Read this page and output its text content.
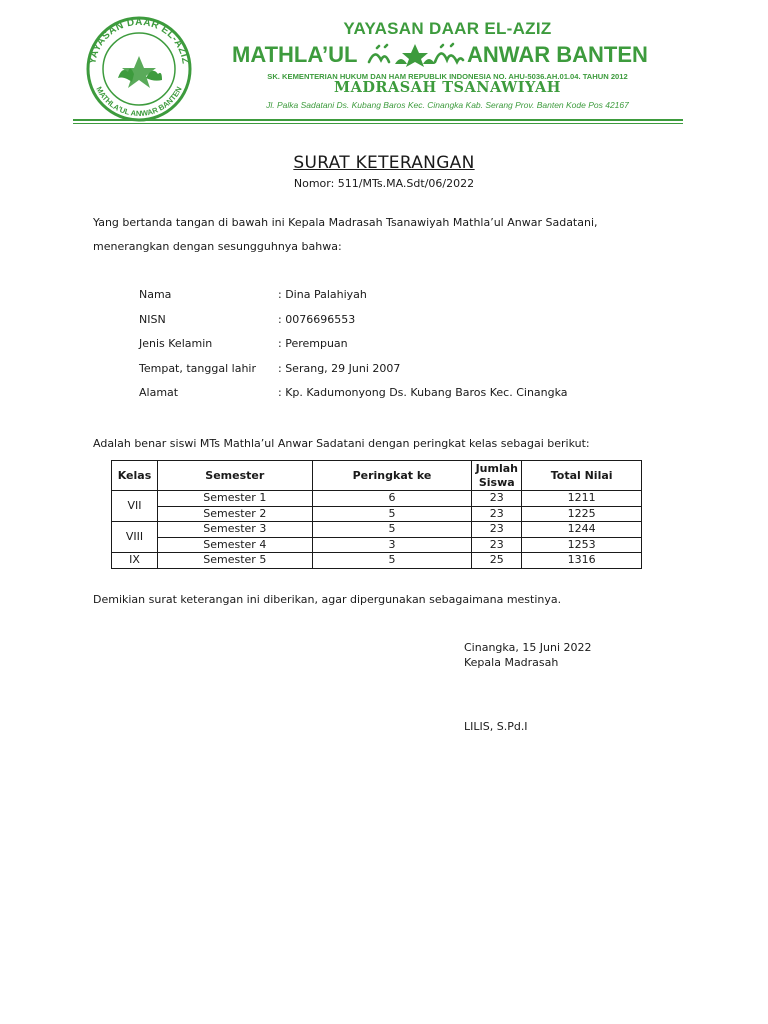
YAYASAN DAAR EL-AZIZ
MATHLA'UL ANWAR BANTEN
YAYASAN DAAR EL-AZIZ
MATHLA’UL	ANWAR BANTEN
SK. KEMENTERIAN HUKUM DAN HAM REPUBLIK INDONESIA NO. AHU-5036.AH.01.04. TAHUN 2012
MADRASAH TSANAWIYAH
Jl. Palka Sadatani Ds. Kubang Baros Kec. Cinangka Kab. Serang Prov. Banten Kode Pos 42167
SURAT KETERANGAN
Nomor: 511/MTs.MA.Sdt/06/2022
Yang bertanda tangan di bawah ini Kepala Madrasah Tsanawiyah Mathla’ul Anwar Sadatani,
menerangkan dengan sesungguhnya bahwa:
Nama	: Dina Palahiyah
NISN	: 0076696553
Jenis Kelamin	: Perempuan
Tempat, tanggal lahir : Serang, 29 Juni 2007
Alamat	: Kp. Kadumonyong Ds. Kubang Baros Kec. Cinangka
Adalah benar siswi MTs Mathla’ul Anwar Sadatani dengan peringkat kelas sebagai berikut:
Kelas	Semester	Peringkat ke	Jumlah
Siswa	Total Nilai
VII	Semester 1	6	23	1211
	Semester 2	5	23	1225
VIII	Semester 3	5	23	1244
	Semester 4	3	23	1253
IX	Semester 5	5	25	1316
Demikian surat keterangan ini diberikan, agar dipergunakan sebagaimana mestinya.
Cinangka, 15 Juni 2022
Kepala Madrasah
LILIS, S.Pd.I
